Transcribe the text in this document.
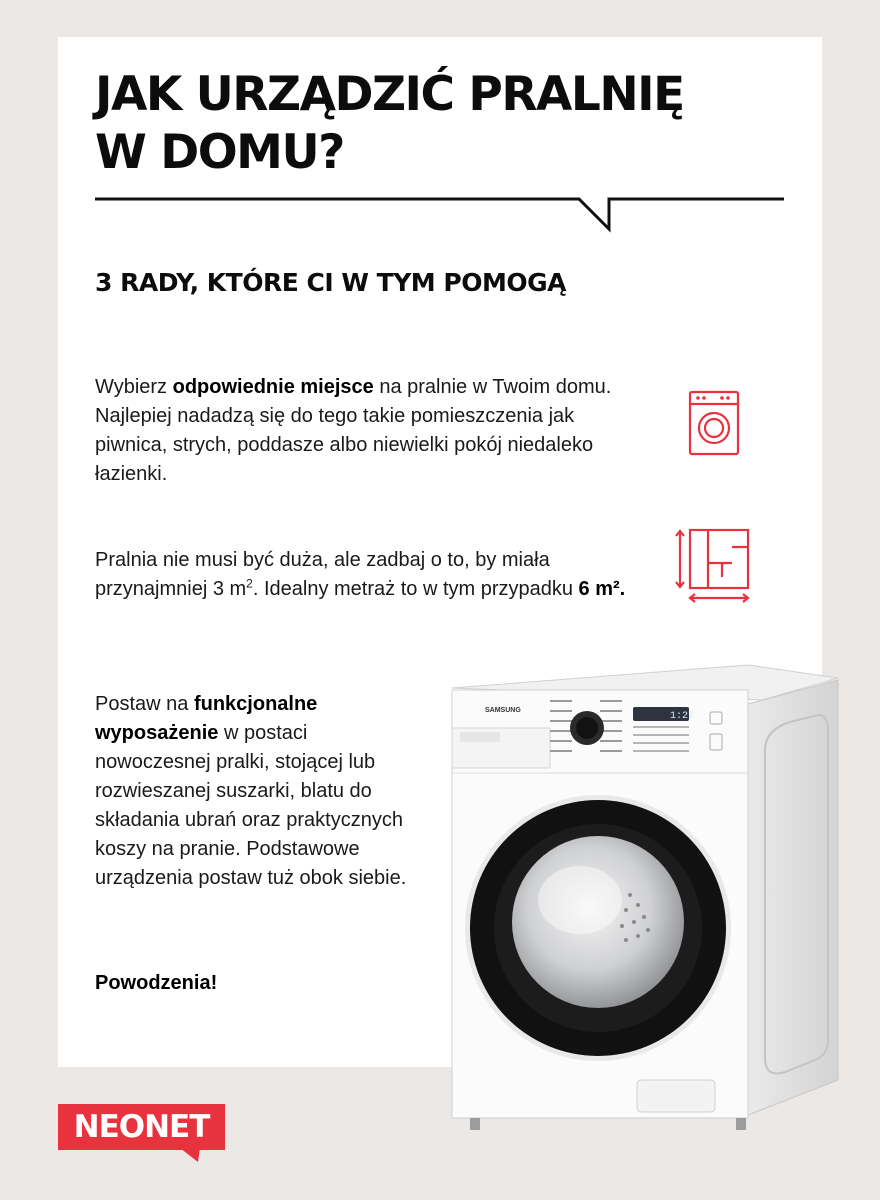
JAK URZĄDZIĆ PRALNIĘ
W DOMU?
3 RADY, KTÓRE CI W TYM POMOGĄ

Wybierz odpowiednie miejsce na pralnie w Twoim domu. Najlepiej nadadzą się do tego takie pomieszczenia jak piwnica, strych, poddasze albo niewielki pokój niedaleko łazienki.

Pralnia nie musi być duża, ale zadbaj o to, by miała przynajmniej 3 $m^2$. Idealny metraż to w tym przypadku 6 m².

Postaw na funkcjonalne wyposażenie w postaci nowoczesnej pralki, stojącej lub rozwieszanej suszarki, blatu do składania ubrań oraz praktycznych koszy na pranie. Podstawowe urządzenia postaw tuż obok siebie.

Powodzenia!

SAMSUNG
1:27
NEONET
